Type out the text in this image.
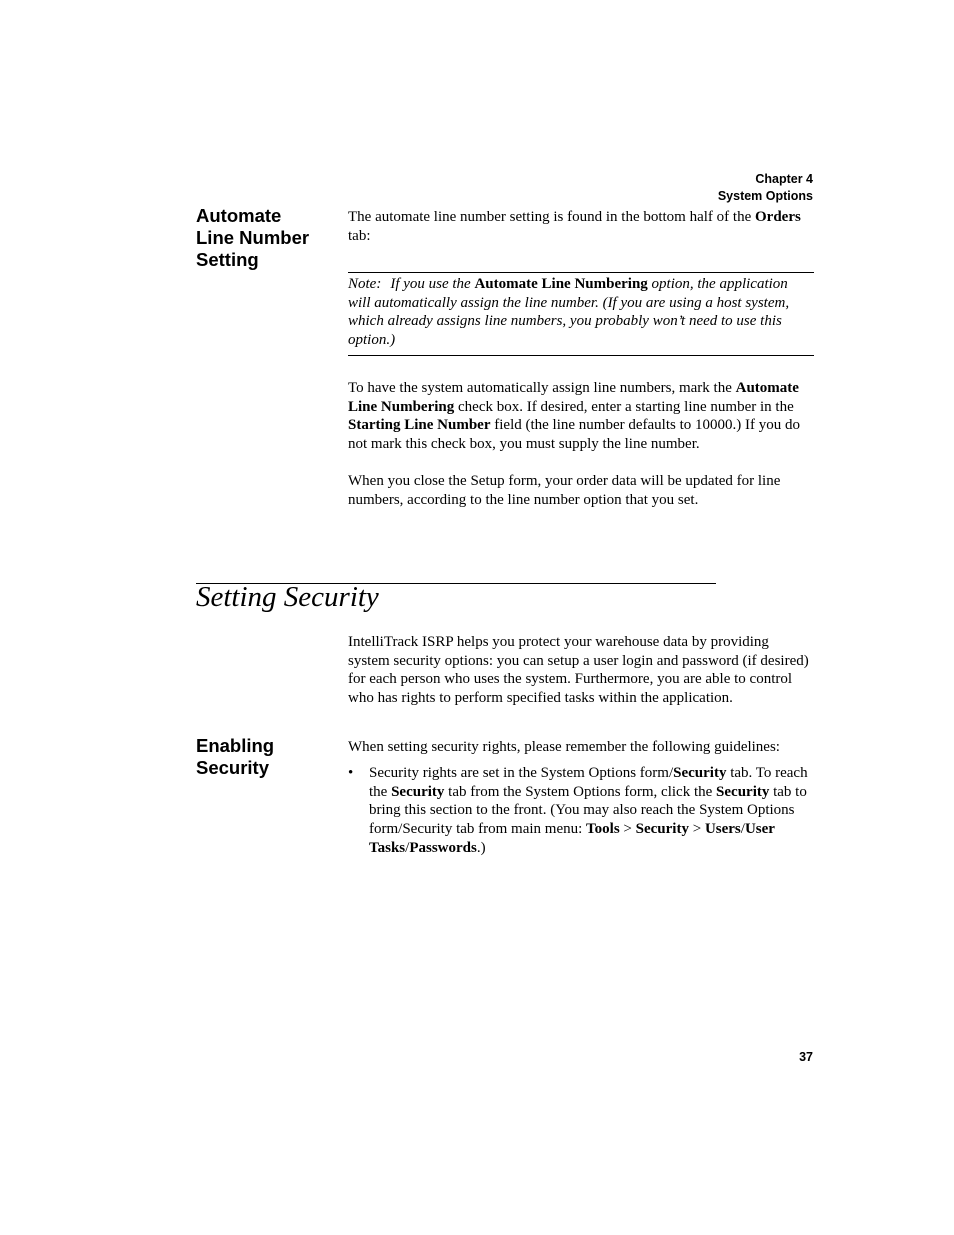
Chapter 4
System Options
Automate
Line Number
Setting

The automate line number setting is found in the bottom half of the Orders tab:

Note: If you use the Automate Line Numbering option, the application will automatically assign the line number. (If you are using a host system, which already assigns line numbers, you probably won’t need to use this option.)

To have the system automatically assign line numbers, mark the Automate Line Numbering check box. If desired, enter a starting line number in the Starting Line Number field (the line number defaults to 10000.) If you do not mark this check box, you must supply the line number.

When you close the Setup form, your order data will be updated for line numbers, according to the line number option that you set.

Setting Security

IntelliTrack ISRP helps you protect your warehouse data by providing system security options: you can setup a user login and password (if desired) for each person who uses the system. Furthermore, you are able to control who has rights to perform specified tasks within the application.

Enabling
Security

When setting security rights, please remember the following guidelines:

• Security rights are set in the System Options form/Security tab. To reach the Security tab from the System Options form, click the Security tab to bring this section to the front. (You may also reach the System Options form/Security tab from main menu: Tools > Security > Users/User Tasks/Passwords.)
37
